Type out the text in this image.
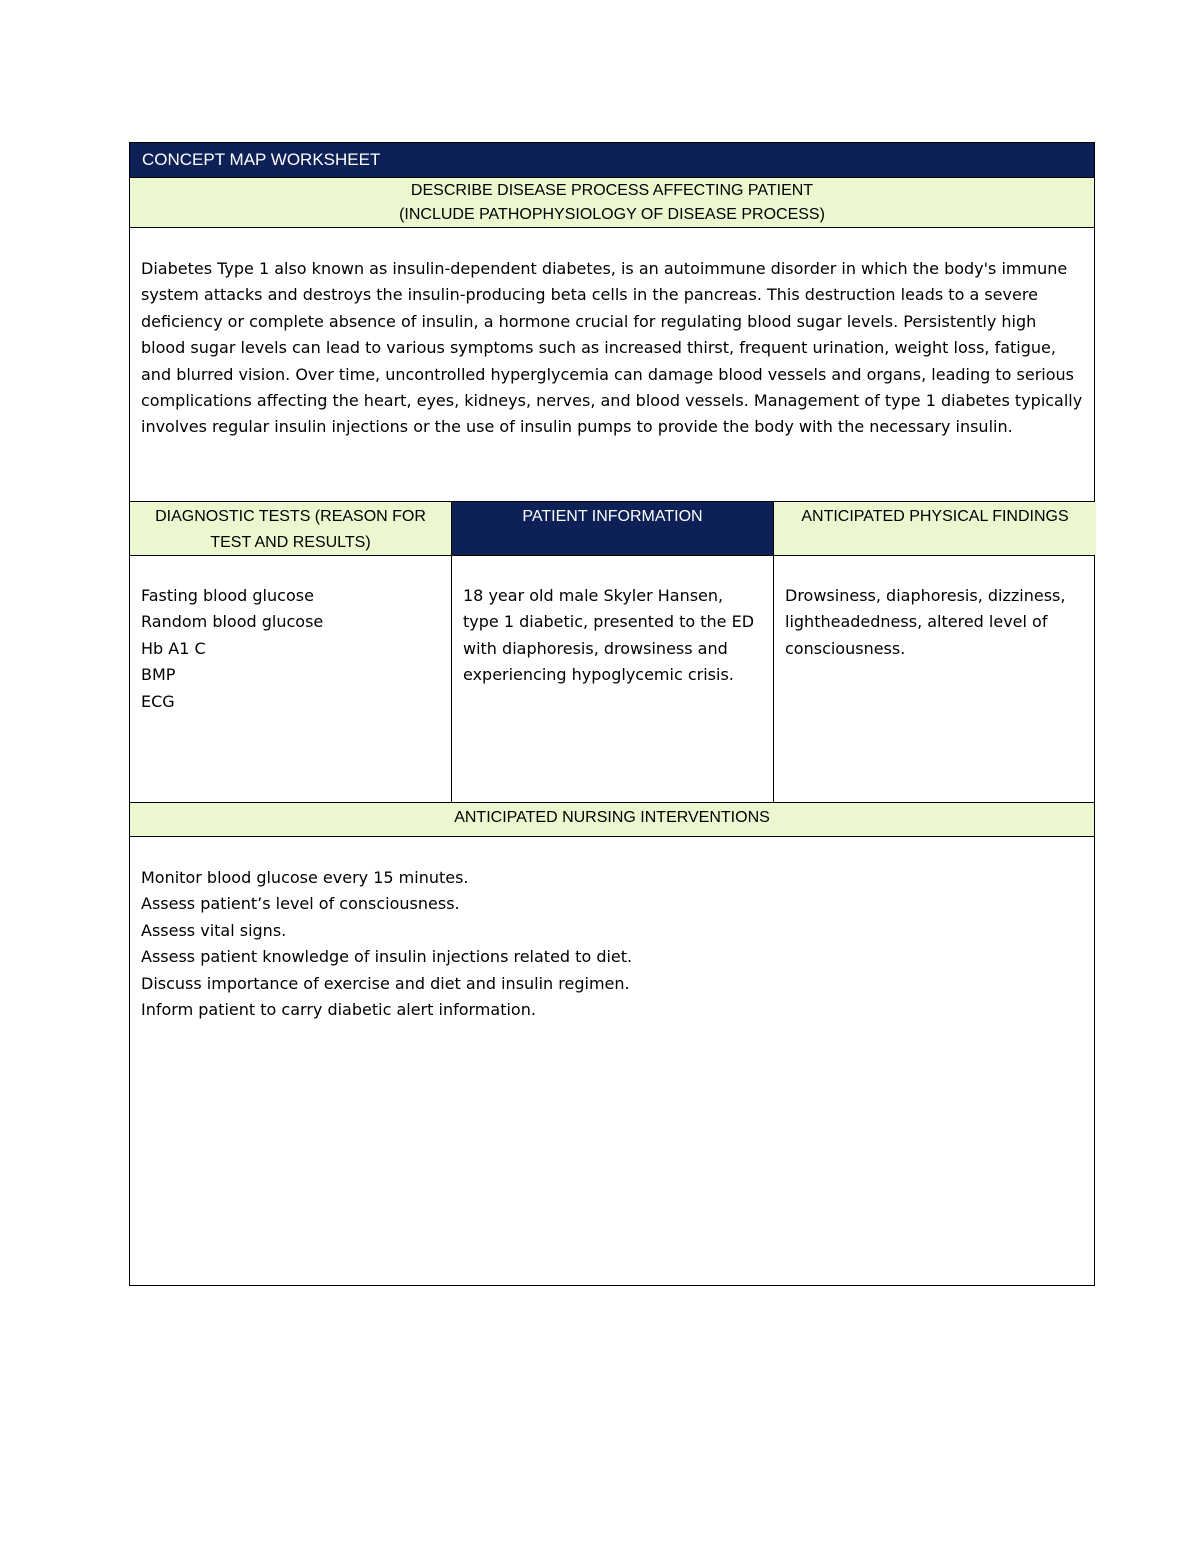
CONCEPT MAP WORKSHEET
DESCRIBE DISEASE PROCESS AFFECTING PATIENT
(INCLUDE PATHOPHYSIOLOGY OF DISEASE PROCESS)
Diabetes Type 1 also known as insulin-dependent diabetes, is an autoimmune disorder in which the body's immune system attacks and destroys the insulin-producing beta cells in the pancreas. This destruction leads to a severe deficiency or complete absence of insulin, a hormone crucial for regulating blood sugar levels. Persistently high blood sugar levels can lead to various symptoms such as increased thirst, frequent urination, weight loss, fatigue, and blurred vision. Over time, uncontrolled hyperglycemia can damage blood vessels and organs, leading to serious complications affecting the heart, eyes, kidneys, nerves, and blood vessels. Management of type 1 diabetes typically involves regular insulin injections or the use of insulin pumps to provide the body with the necessary insulin.
DIAGNOSTIC TESTS (REASON FOR TEST AND RESULTS)
PATIENT INFORMATION	ANTICIPATED PHYSICAL FINDINGS
Fasting blood glucose
Random blood glucose
Hb A1 C
BMP
ECG
18 year old male Skyler Hansen, type 1 diabetic, presented to the ED with diaphoresis, drowsiness and experiencing hypoglycemic crisis.
Drowsiness, diaphoresis, dizziness, lightheadedness, altered level of consciousness.
ANTICIPATED NURSING INTERVENTIONS
Monitor blood glucose every 15 minutes.
Assess patient’s level of consciousness.
Assess vital signs.
Assess patient knowledge of insulin injections related to diet.
Discuss importance of exercise and diet and insulin regimen.
Inform patient to carry diabetic alert information.
